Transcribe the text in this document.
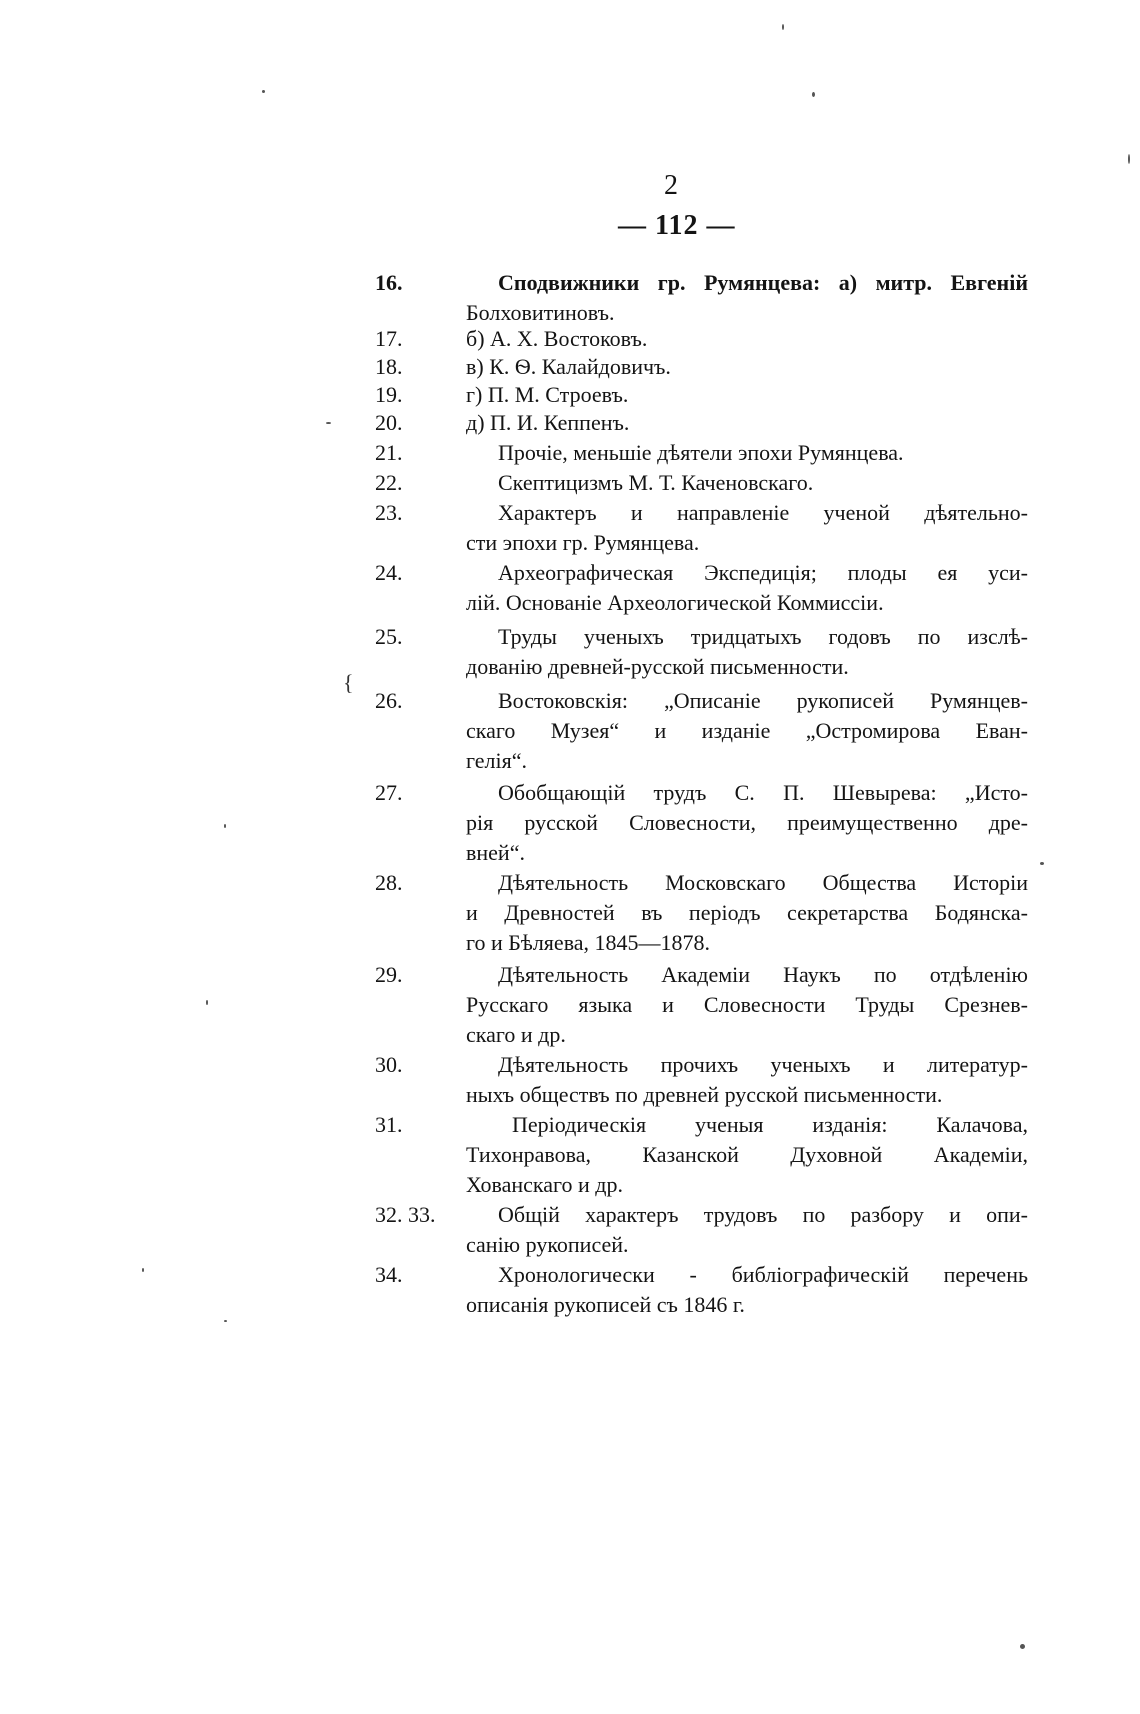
2
— 112 —
{
16.	Сподвижники гр. Румянцева: а) митр. Евгеній
Болховитиновъ.
17.	б) А. Х. Востоковъ.
18.	в) К. Ѳ. Калайдовичъ.
19.	г) П. М. Строевъ.
20.	д) П. И. Кеппенъ.
21.	Прочіе, меньшіе дѣятели эпохи Румянцева.
22.	Скептицизмъ М. Т. Каченовскаго.
23.	Характеръ и направленіе ученой дѣятельно-
сти эпохи гр. Румянцева.
24.	Археографическая Экспедиція; плоды ея уси-
лій. Основаніе Археологической Коммиссіи.
25.	Труды ученыхъ тридцатыхъ годовъ по изслѣ-
дованію древней-русской письменности.
26.	Востоковскія: „Описаніе рукописей Румянцев-
скаго Музея“ и изданіе „Остромирова Еван-
гелія“.
27.	Обобщающій трудъ С. П. Шевырева: „Исто-
рія русской Словесности, преимущественно дре-
вней“.
28.	Дѣятельность Московскаго Общества Исторіи
и Древностей въ періодъ секретарства Бодянска-
го и Бѣляева, 1845—1878.
29.	Дѣятельность Академіи Наукъ по отдѣленію
Русскаго языка и Словесности Труды Срезнев-
скаго и др.
30.	Дѣятельность прочихъ ученыхъ и литератур-
ныхъ обществъ по древней русской письменности.
31.	Періодическія ученыя изданія: Калачова,
Тихонравова, Казанской Духовной Академіи,
Хованскаго и др.
32. 33.	Общій характеръ трудовъ по разбору и опи-
санію рукописей.
34.	Хронологически - библіографическій перечень
описанія рукописей съ 1846 г.
